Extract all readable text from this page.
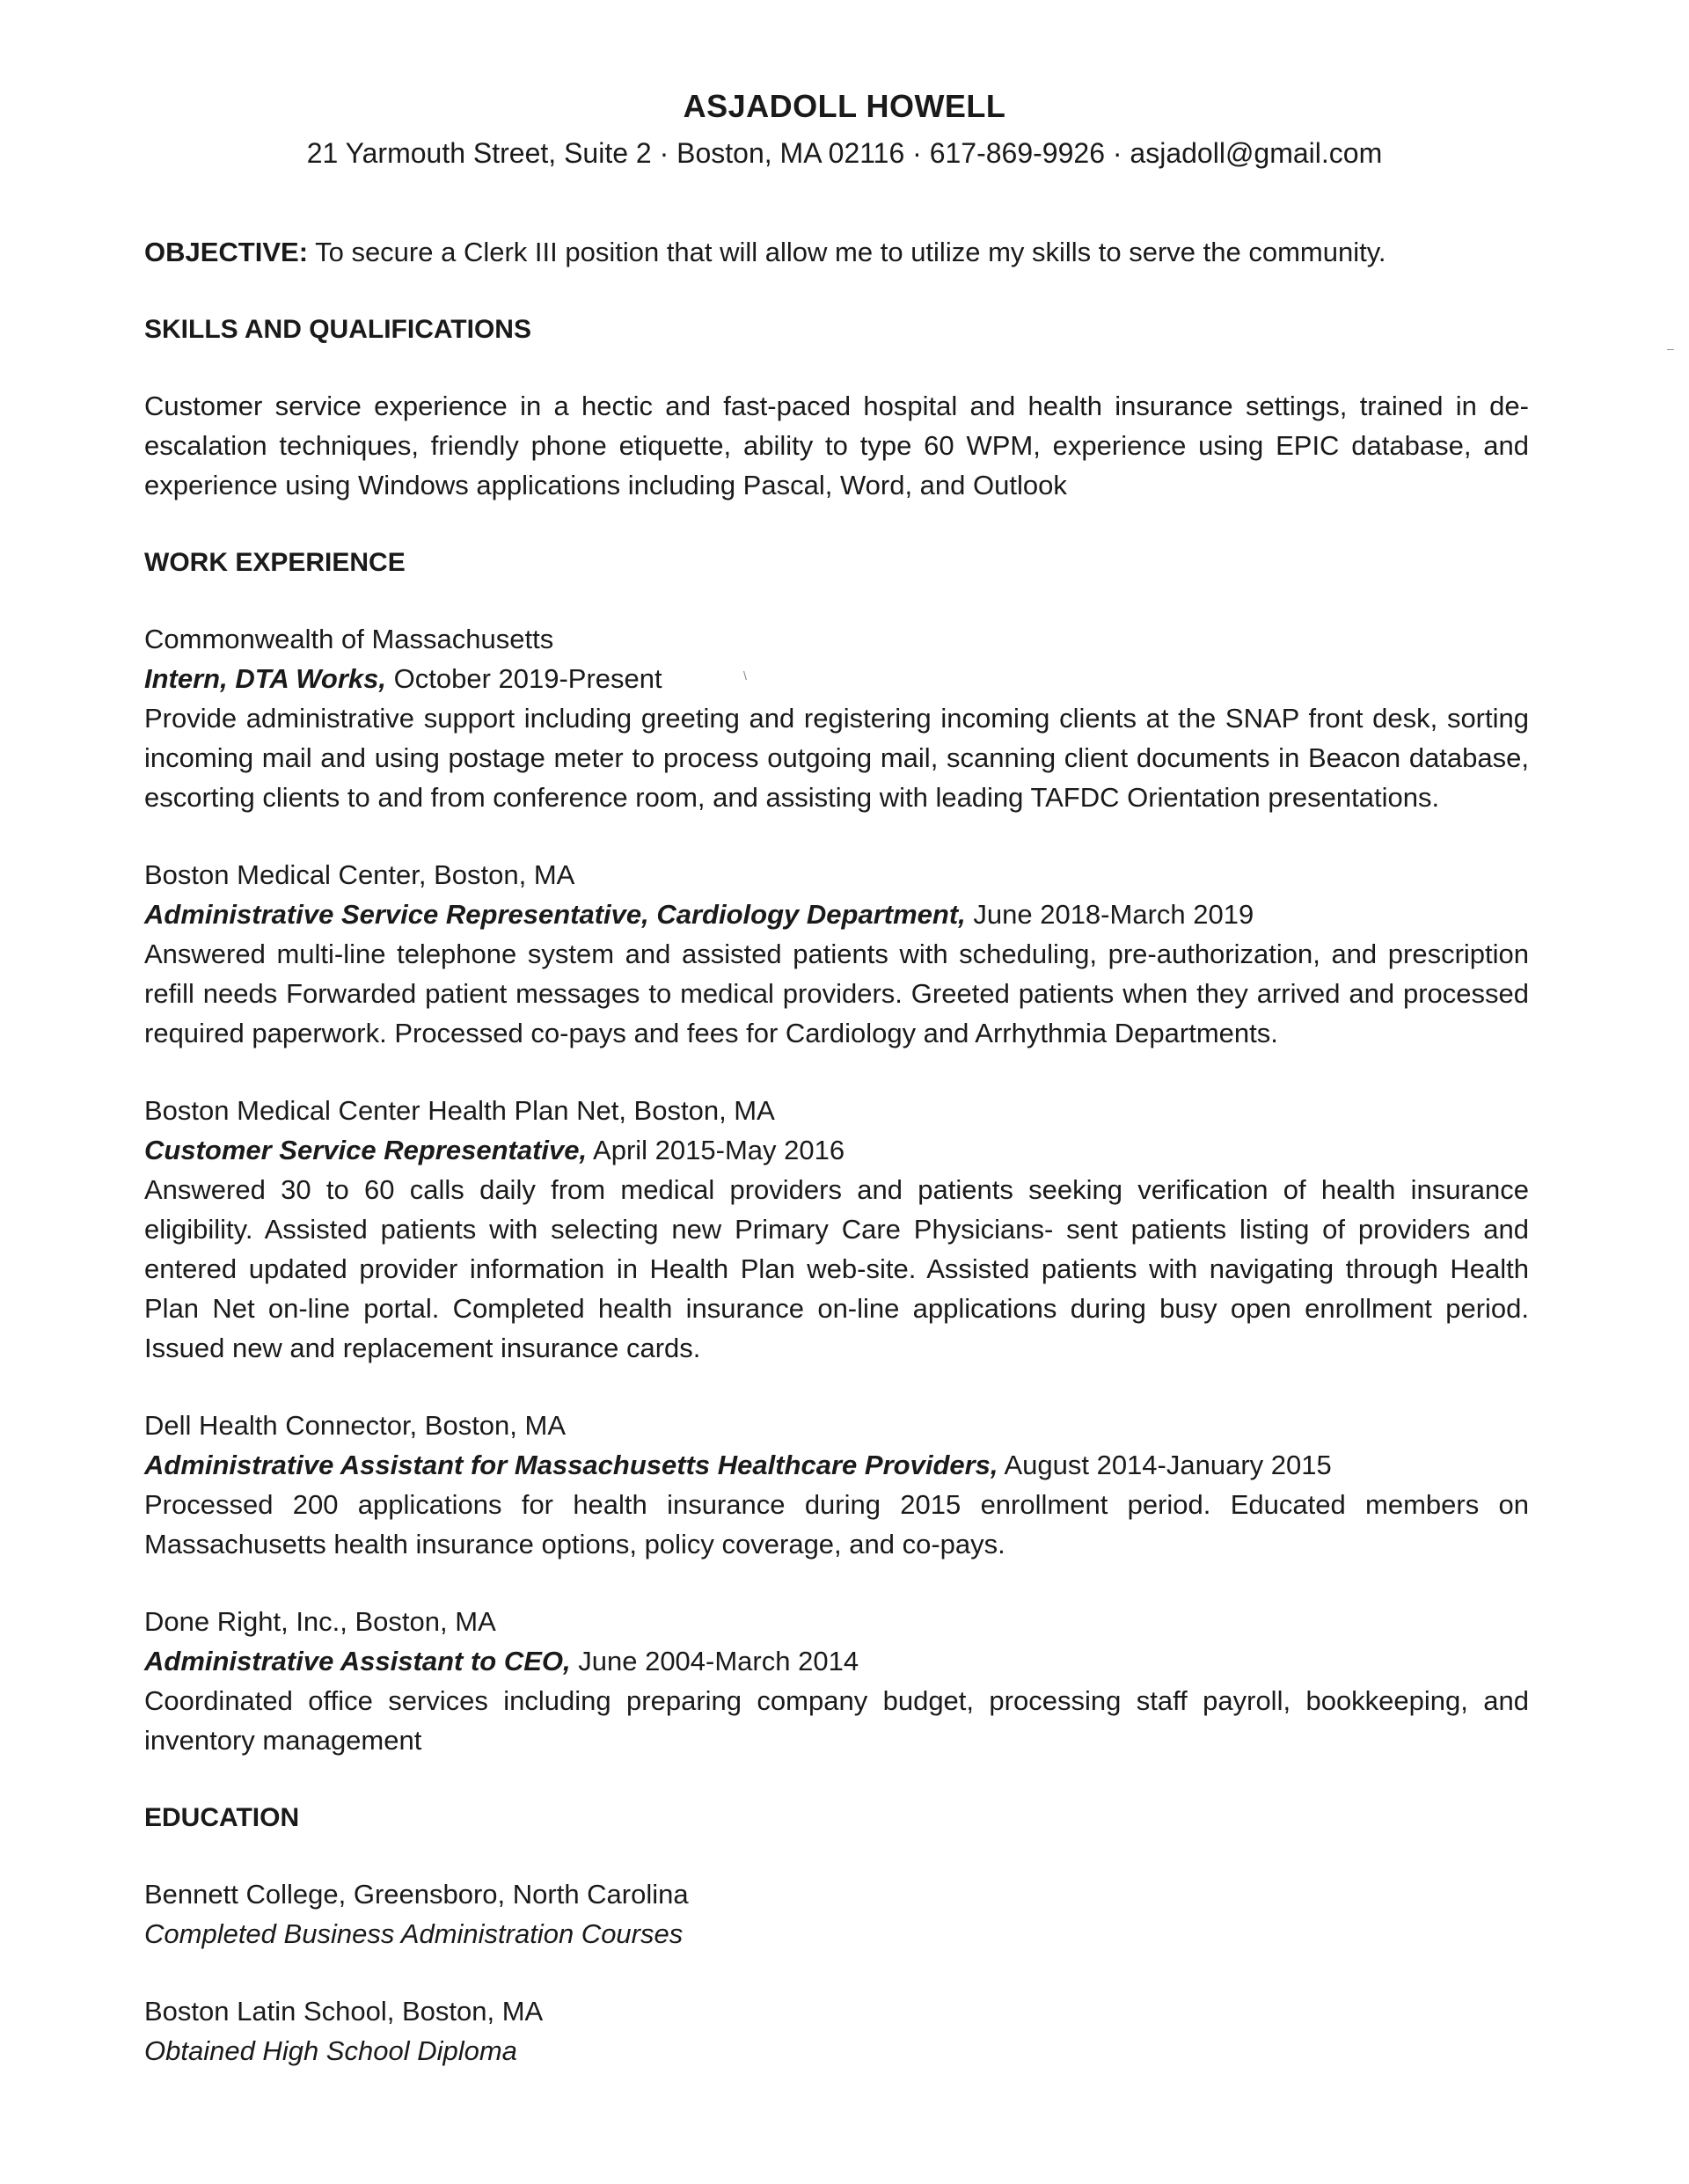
ASJADOLL HOWELL
21 Yarmouth Street, Suite 2 · Boston, MA 02116 · 617-869-9926 · asjadoll@gmail.com
OBJECTIVE: To secure a Clerk III position that will allow me to utilize my skills to serve the community.
SKILLS AND QUALIFICATIONS
Customer service experience in a hectic and fast-paced hospital and health insurance settings, trained in de-escalation techniques, friendly phone etiquette, ability to type 60 WPM, experience using EPIC database, and experience using Windows applications including Pascal, Word, and Outlook
WORK EXPERIENCE
Commonwealth of Massachusetts
Intern, DTA Works, October 2019-Present
Provide administrative support including greeting and registering incoming clients at the SNAP front desk, sorting incoming mail and using postage meter to process outgoing mail, scanning client documents in Beacon database, escorting clients to and from conference room, and assisting with leading TAFDC Orientation presentations.
Boston Medical Center, Boston, MA
Administrative Service Representative, Cardiology Department, June 2018-March 2019
Answered multi-line telephone system and assisted patients with scheduling, pre-authorization, and prescription refill needs Forwarded patient messages to medical providers. Greeted patients when they arrived and processed required paperwork. Processed co-pays and fees for Cardiology and Arrhythmia Departments.
Boston Medical Center Health Plan Net, Boston, MA
Customer Service Representative, April 2015-May 2016
Answered 30 to 60 calls daily from medical providers and patients seeking verification of health insurance eligibility. Assisted patients with selecting new Primary Care Physicians- sent patients listing of providers and entered updated provider information in Health Plan web-site. Assisted patients with navigating through Health Plan Net on-line portal. Completed health insurance on-line applications during busy open enrollment period. Issued new and replacement insurance cards.
Dell Health Connector, Boston, MA
Administrative Assistant for Massachusetts Healthcare Providers, August 2014-January 2015
Processed 200 applications for health insurance during 2015 enrollment period. Educated members on Massachusetts health insurance options, policy coverage, and co-pays.
Done Right, Inc., Boston, MA
Administrative Assistant to CEO, June 2004-March 2014
Coordinated office services including preparing company budget, processing staff payroll, bookkeeping, and inventory management
EDUCATION
Bennett College, Greensboro, North Carolina
Completed Business Administration Courses
Boston Latin School, Boston, MA
Obtained High School Diploma
–
\
